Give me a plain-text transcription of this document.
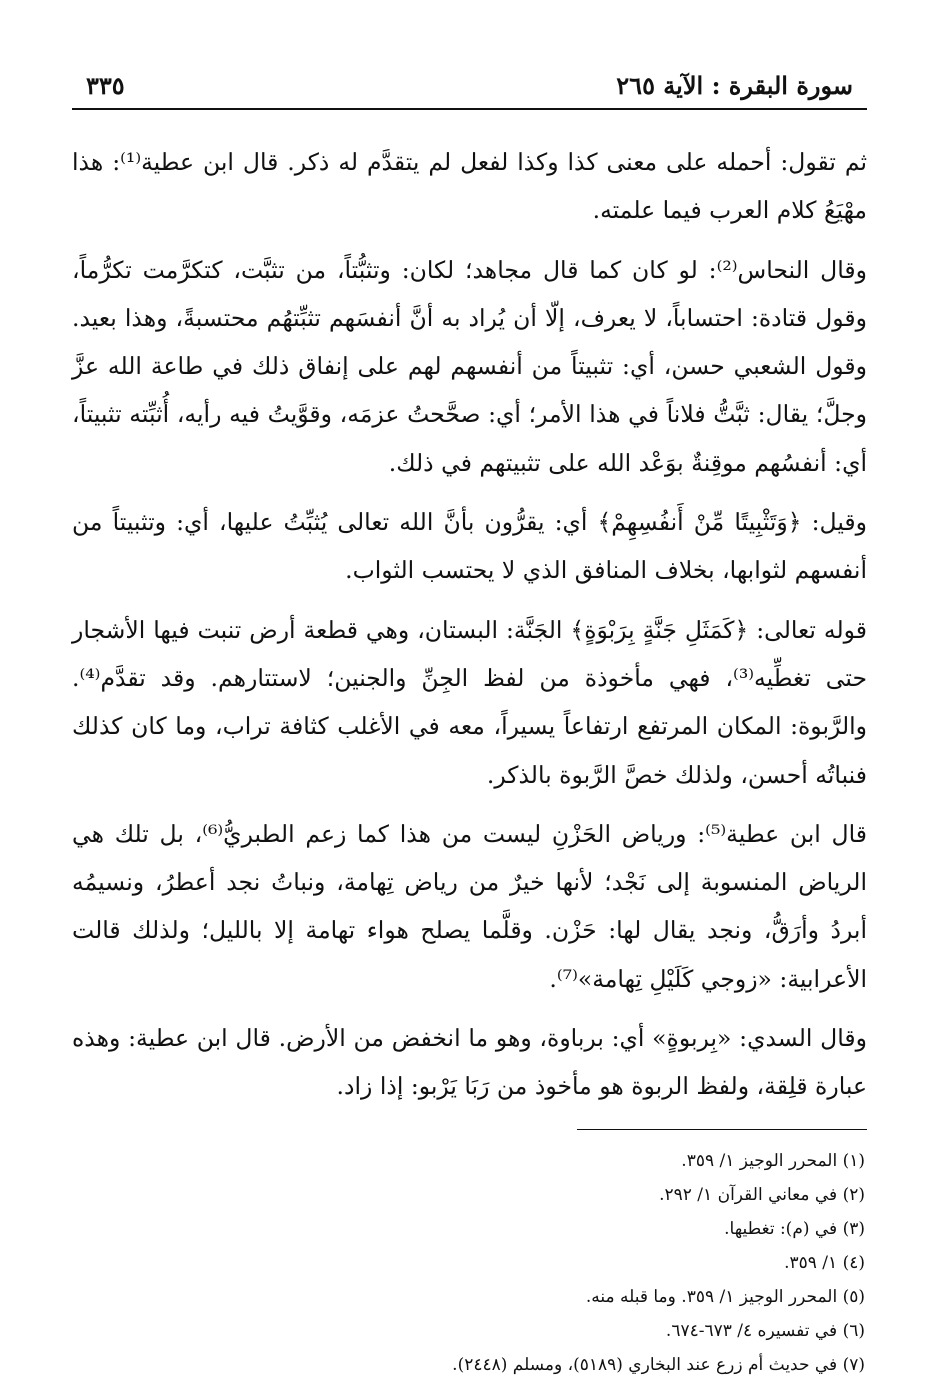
سورة البقرة : الآية ٢٦٥
٣٣٥

ثم تقول: أحمله على معنى كذا وكذا لفعل لم يتقدَّم له ذكر. قال ابن عطية⁽¹⁾: هذا مهْيَعُ كلام العرب فيما علمته.

وقال النحاس⁽²⁾: لو كان كما قال مجاهد؛ لكان: وتثبُّتاً، من تثبَّت، كتكرَّمت تكرُّماً، وقول قتادة: احتساباً، لا يعرف، إلّا أن يُراد به أنَّ أنفسَهم تثبِّتهُم محتسبةً، وهذا بعيد. وقول الشعبي حسن، أي: تثبيتاً من أنفسهم لهم على إنفاق ذلك في طاعة الله عزَّ وجلَّ؛ يقال: ثبَّتُّ فلاناً في هذا الأمر؛ أي: صحَّحتُ عزمَه، وقوَّيتُ فيه رأيه، أُثبِّته تثبيتاً، أي: أنفسُهم موقِنةٌ بوَعْد الله على تثبيتهم في ذلك.

وقيل: ﴿وَتَثْبِيتًا مِّنْ أَنفُسِهِمْ﴾ أي: يقرُّون بأنَّ الله تعالى يُثبِّتُ عليها، أي: وتثبيتاً من أنفسهم لثوابها، بخلاف المنافق الذي لا يحتسب الثواب.

قوله تعالى: ﴿كَمَثَلِ جَنَّةٍ بِرَبْوَةٍ﴾ الجَنَّة: البستان، وهي قطعة أرض تنبت فيها الأشجار حتى تغطِّيه⁽³⁾، فهي مأخوذة من لفظ الجِنِّ والجنين؛ لاستتارهم. وقد تقدَّم⁽⁴⁾. والرَّبوة: المكان المرتفع ارتفاعاً يسيراً، معه في الأغلب كثافة تراب، وما كان كذلك فنباتُه أحسن، ولذلك خصَّ الرَّبوة بالذكر.

قال ابن عطية⁽⁵⁾: ورياض الحَزْنِ ليست من هذا كما زعم الطبريُّ⁽⁶⁾، بل تلك هي الرياض المنسوبة إلى نَجْد؛ لأنها خيرٌ من رياض تِهامة، ونباتُ نجد أعطرُ، ونسيمُه أبردُ وأرَقُّ، ونجد يقال لها: حَزْن. وقلَّما يصلح هواء تهامة إلا بالليل؛ ولذلك قالت الأعرابية: «زوجي كَلَيْلِ تِهامة»⁽⁷⁾.

وقال السدي: «بِربوةٍ» أي: برباوة، وهو ما انخفض من الأرض. قال ابن عطية: وهذه عبارة قلِقة، ولفظ الربوة هو مأخوذ من رَبَا يَرْبو: إذا زاد.

(١) المحرر الوجيز ١/ ٣٥٩.

(٢) في معاني القرآن ١/ ٢٩٢.

(٣) في (م): تغطيها.

(٤) ١/ ٣٥٩.

(٥) المحرر الوجيز ١/ ٣٥٩. وما قبله منه.

(٦) في تفسيره ٤/ ٦٧٣-٦٧٤.

(٧) في حديث أم زرع عند البخاري (٥١٨٩)، ومسلم (٢٤٤٨).
